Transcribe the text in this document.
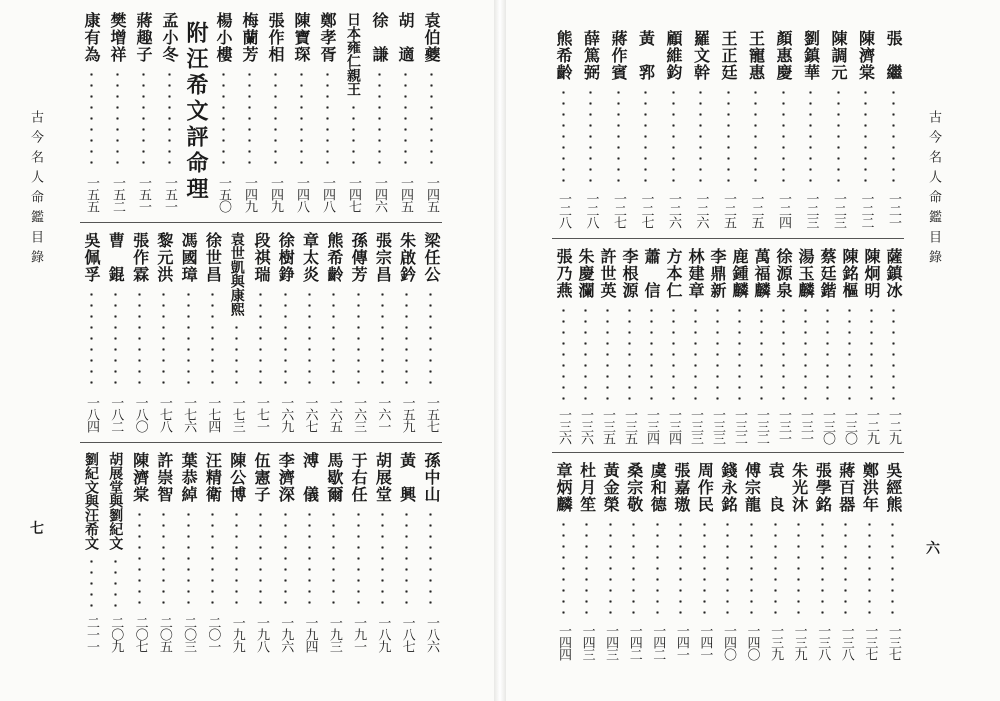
古今名人命鑑目錄
七
袁伯夔
一四五
胡　適
一四五
徐　謙
一四六
日本雍仁親王
一四七
鄭孝胥
一四八
陳寶琛
一四八
張作相
一四九
梅蘭芳
一四九
楊小樓
一五〇
附汪希文評命理
孟小冬
一五一
蔣趣子
一五一
樊增祥
一五二
康有為
一五五
梁任公
一五七
朱啟鈐
一五九
張宗昌
一六一
孫傳芳
一六三
熊希齡
一六五
章太炎
一六七
徐樹錚
一六九
段祺瑞
一七一
袁世凱與康熙
一七三
徐世昌
一七四
馮國璋
一七六
黎元洪
一七八
張作霖
一八〇
曹　錕
一八二
吳佩孚
一八四
孫中山
一八六
黃　興
一八七
胡展堂
一八九
于右任
一九一
馬歇爾
一九三
溥　儀
一九四
李濟深
一九六
伍憲子
一九八
陳公博
一九九
汪精衛
二〇一
葉恭綽
二〇三
許崇智
二〇五
陳濟棠
二〇七
胡展堂與劉紀文
二〇九
劉紀文與汪希文
二一一
古今名人命鑑目錄
六
張　繼
一二一
陳濟棠
一二二
陳調元
一二三
劉鎮華
一二三
顏惠慶
一二四
王寵惠
一二五
王正廷
一二五
羅文幹
一二六
顧維鈞
一二六
黃　郛
一二七
蔣作賓
一二七
薛篤弼
一二八
熊希齡
一二八
薩鎮冰
一二九
陳炯明
一二九
陳銘樞
一三〇
蔡廷鍇
一三〇
湯玉麟
一三一
徐源泉
一三一
萬福麟
一三二
鹿鍾麟
一三二
李鼎新
一三三
林建章
一三三
方本仁
一三四
蕭　信
一三四
李根源
一三五
許世英
一三五
朱慶瀾
一三六
張乃燕
一三六
吳經熊
一三七
鄭洪年
一三七
蔣百器
一三八
張學銘
一三八
朱光沐
一三九
袁　良
一三九
傅宗龍
一四〇
錢永銘
一四〇
周作民
一四一
張嘉璈
一四一
虞和德
一四二
桑宗敬
一四二
黃金榮
一四三
杜月笙
一四三
章炳麟
一四四
